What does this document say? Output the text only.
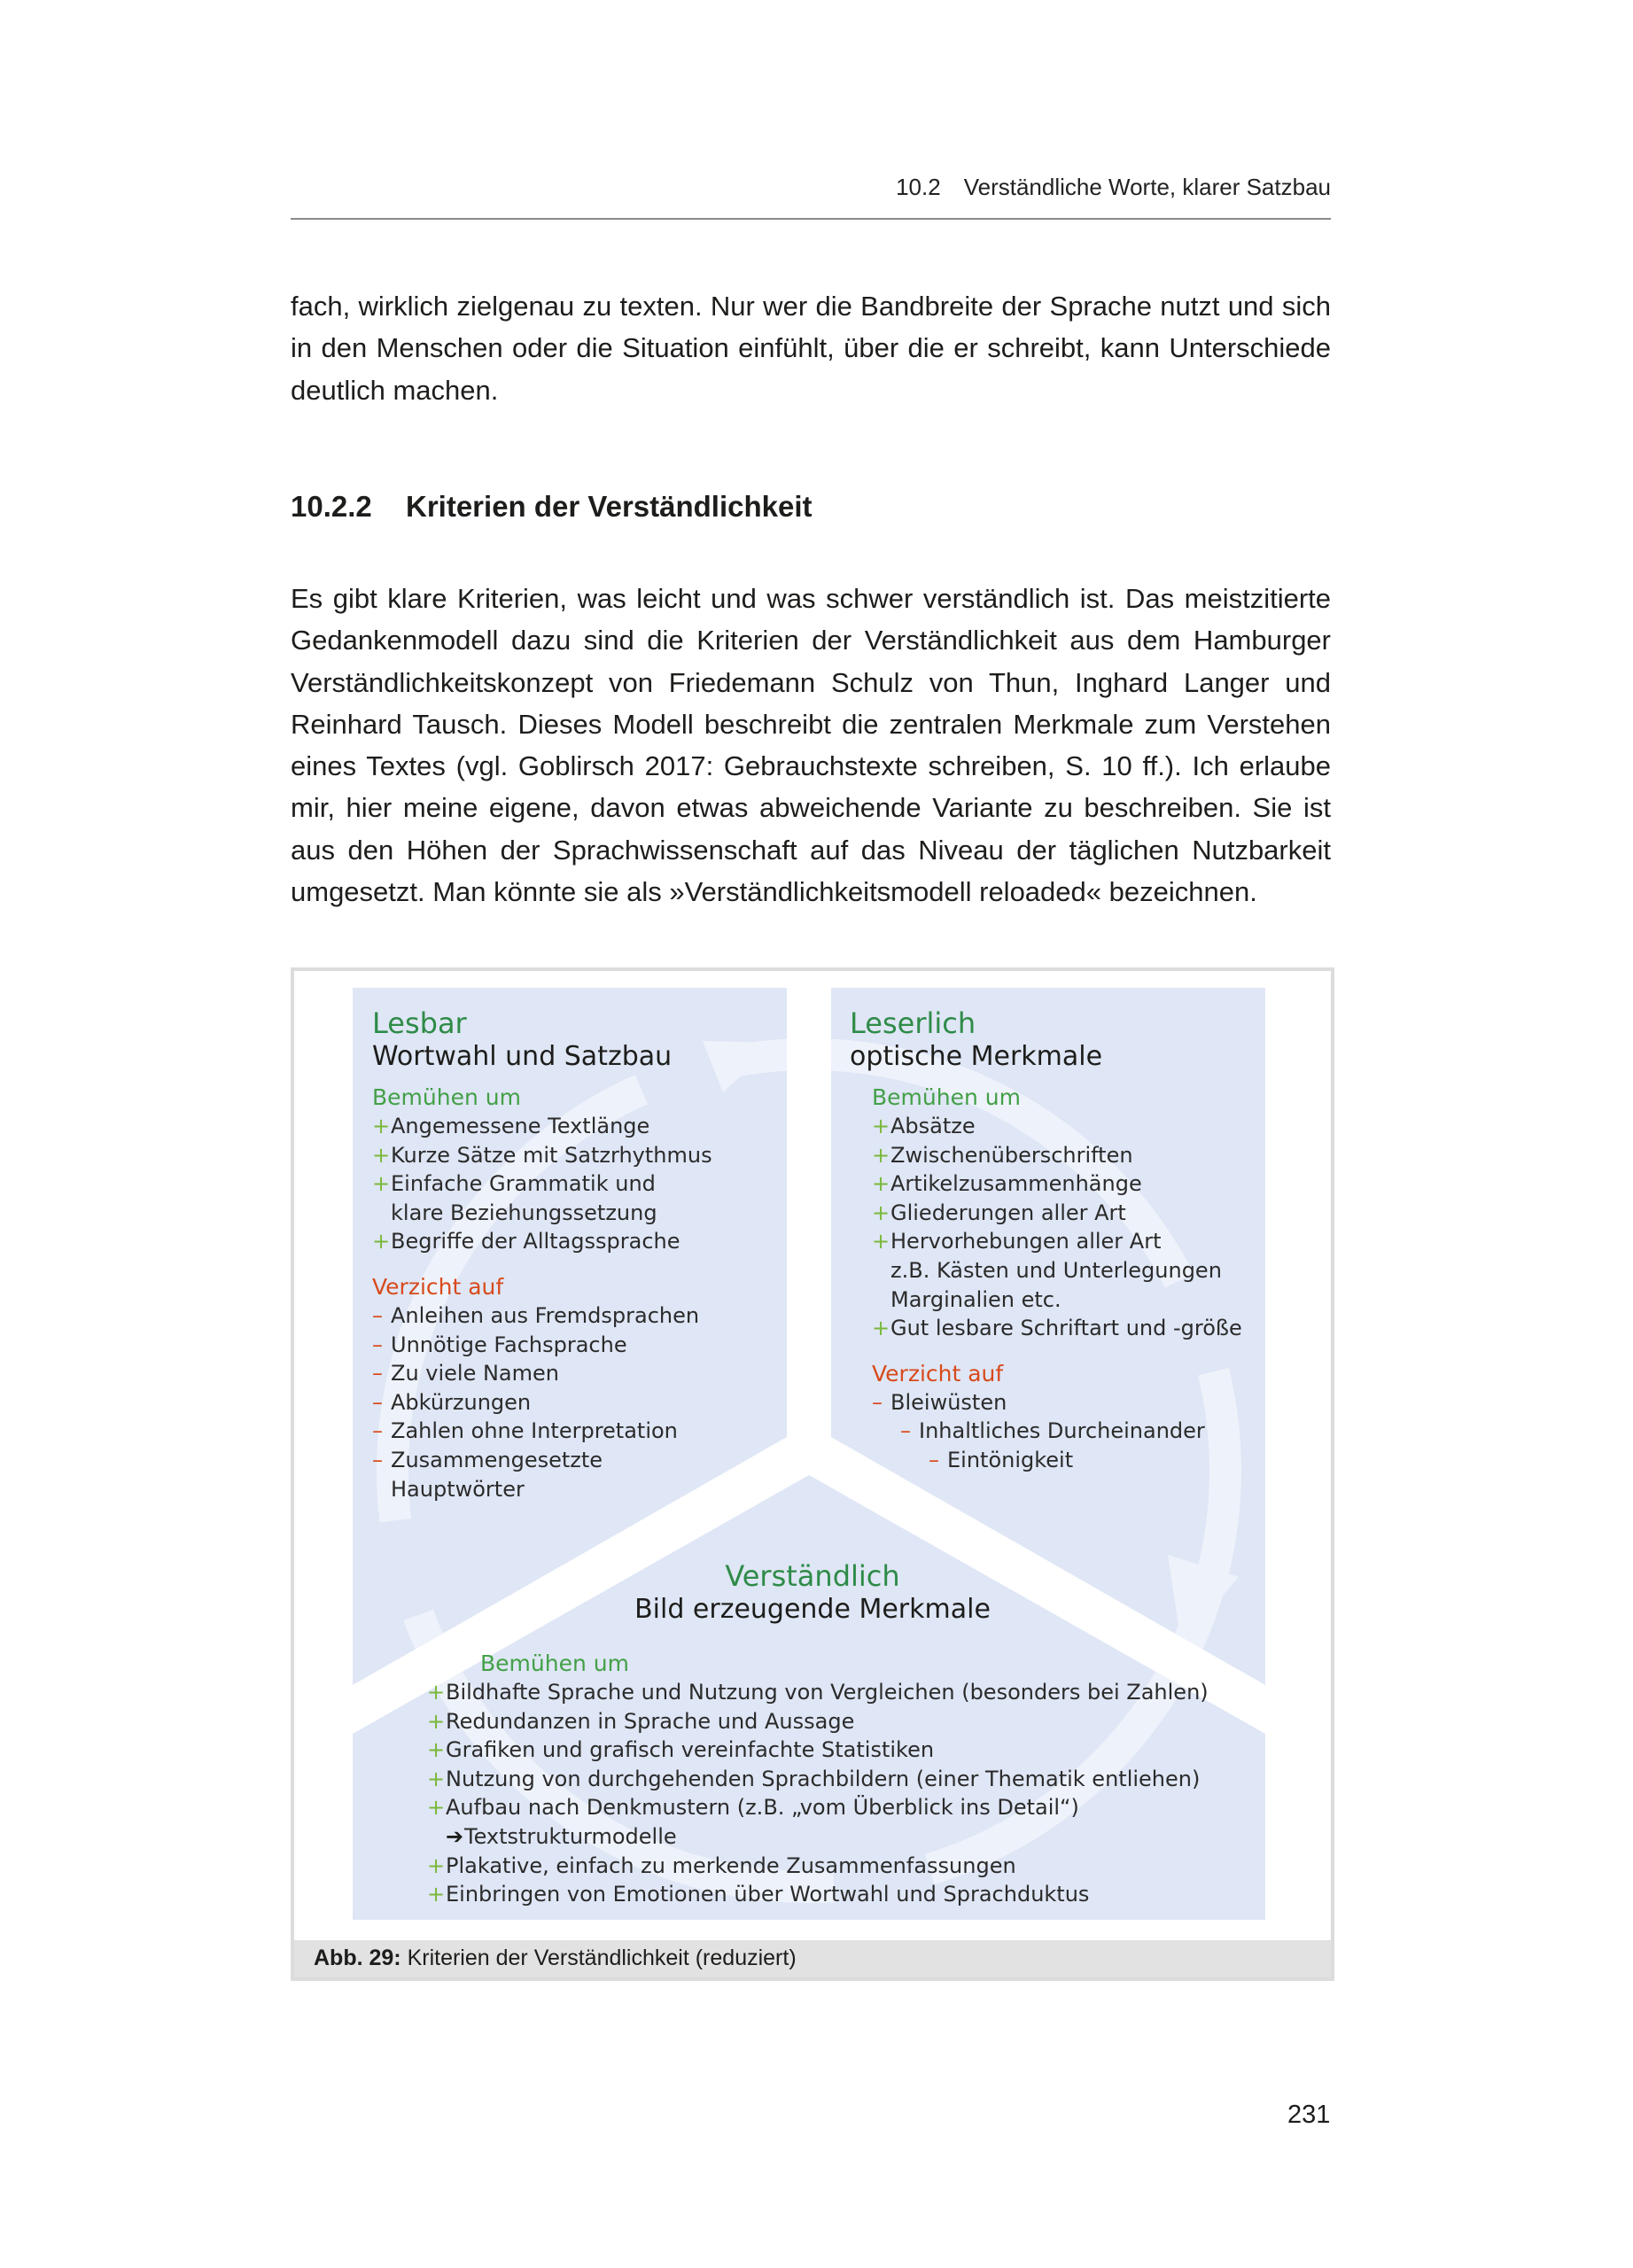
10.2 Verständliche Worte, klarer Satzbau
fach, wirklich zielgenau zu texten. Nur wer die Bandbreite der Sprache nutzt und sich in den Menschen oder die Situation einfühlt, über die er schreibt, kann Unterschiede deutlich machen.
10.2.2 Kriterien der Verständlichkeit
Es gibt klare Kriterien, was leicht und was schwer verständlich ist. Das meistzitierte Gedankenmodell dazu sind die Kriterien der Verständlichkeit aus dem Hamburger Verständlichkeitskonzept von Friedemann Schulz von Thun, Inghard Langer und Reinhard Tausch. Dieses Modell beschreibt die zentralen Merkmale zum Verstehen eines Textes (vgl. Goblirsch 2017: Gebrauchstexte schreiben, S. 10 ff.). Ich erlaube mir, hier meine eigene, davon etwas abweichende Variante zu beschreiben. Sie ist aus den Höhen der Sprachwissenschaft auf das Niveau der täglichen Nutzbarkeit umgesetzt. Man könnte sie als »Verständlichkeitsmodell reloaded« bezeichnen.
Lesbar
Wortwahl und Satzbau
Bemühen um
+Angemessene Textlänge
+Kurze Sätze mit Satzrhythmus
+Einfache Grammatik und
klare Beziehungssetzung
+Begriffe der Alltagssprache
Verzicht auf
– Anleihen aus Fremdsprachen
– Unnötige Fachsprache
– Zu viele Namen
– Abkürzungen
– Zahlen ohne Interpretation
– Zusammengesetzte
Hauptwörter
Leserlich
optische Merkmale
Bemühen um
+Absätze
+Zwischenüberschriften
+Artikelzusammenhänge
+Gliederungen aller Art
+Hervorhebungen aller Art
z.B. Kästen und Unterlegungen
Marginalien etc.
+Gut lesbare Schriftart und -größe
Verzicht auf
– Bleiwüsten
– Inhaltliches Durcheinander
– Eintönigkeit
Verständlich
Bild erzeugende Merkmale
Bemühen um
+Bildhafte Sprache und Nutzung von Vergleichen (besonders bei Zahlen)
+Redundanzen in Sprache und Aussage
+Grafiken und grafisch vereinfachte Statistiken
+Nutzung von durchgehenden Sprachbildern (einer Thematik entliehen)
+Aufbau nach Denkmustern (z.B. „vom Überblick ins Detail“)
➔Textstrukturmodelle
+Plakative, einfach zu merkende Zusammenfassungen
+Einbringen von Emotionen über Wortwahl und Sprachduktus
Abb. 29: Kriterien der Verständlichkeit (reduziert)
231
